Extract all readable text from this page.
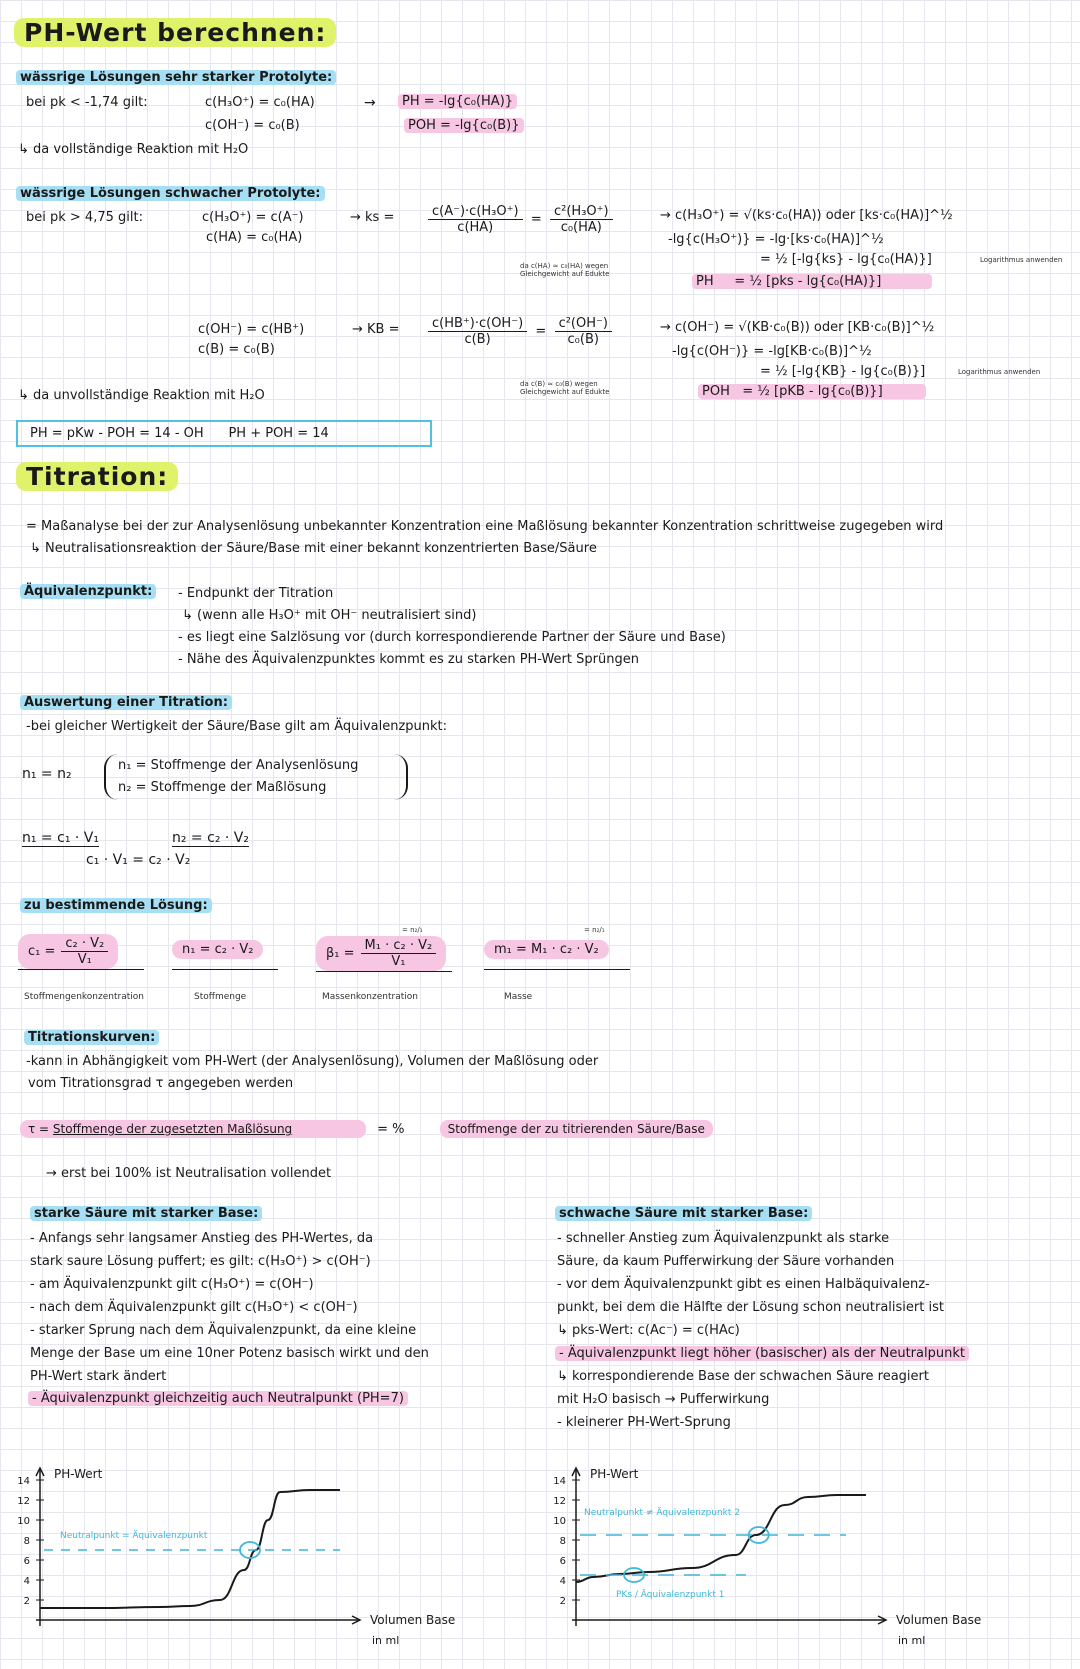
PH-Wert berechnen:
wässrige Lösungen sehr starker Protolyte:
bei pk < -1,74 gilt:	c(H₃O⁺) = c₀(HA)
c(OH⁻) = c₀(B)
→	PH = -lg{c₀(HA)}
POH = -lg{c₀(B)}
↳ da vollständige Reaktion mit H₂O
wässrige Lösungen schwacher Protolyte:
bei pk > 4,75 gilt:	c(H₃O⁺) = c(A⁻)
c(HA) = c₀(HA)
→ ks =	$\frac{\text{c(A⁻)·c(H₃O⁺)}}{c(HA)} = \frac{\text{c²(H₃O⁺)}}{\text{c₀(HA)}}$
da c(HA) ≈ c₀(HA) wegen Gleichgewicht auf Edukte
→ c(H₃O⁺) = √(ks·c₀(HA)) oder [ks·c₀(HA)]^½
-lg{c(H₃O⁺)} = -lg·[ks·c₀(HA)]^½
= ½ [-lg{ks} - lg{c₀(HA)}]	Logarithmus anwenden
PH = ½ [pks - lg{c₀(HA)}]
c(OH⁻) = c(HB⁺)
c(B) = c₀(B)
→ KB = $\frac{c(HB^+)\cdot c(OH^-)}{c(B)} = \frac{\text{c²(OH⁻)}}{\text{c₀(B)}}$
da c(B) ≈ c₀(B) wegen Gleichgewicht auf Edukte
→ c(OH⁻) = √(KB·c₀(B)) oder [KB·c₀(B)]^½
-lg{c(OH⁻)} = -lg[KB·c₀(B)]^½
= ½ [-lg{KB} - lg{c₀(B)}]	Logarithmus anwenden
POH = ½ [pKB - lg{c₀(B)}]
↳ da unvollständige Reaktion mit H₂O
PH = pKw - POH = 14 - OH PH + POH = 14
Titration:
= Maßanalyse bei der zur Analysenlösung unbekannter Konzentration eine Maßlösung bekannter Konzentration schrittweise zugegeben wird
↳ Neutralisationsreaktion der Säure/Base mit einer bekannt konzentrierten Base/Säure
Äquivalenzpunkt:	- Endpunkt der Titration
↳ (wenn alle H₃O⁺ mit OH⁻ neutralisiert sind)
- es liegt eine Salzlösung vor (durch korrespondierende Partner der Säure und Base)
- Nähe des Äquivalenzpunktes kommt es zu starken PH-Wert Sprüngen
Auswertung einer Titration:
-bei gleicher Wertigkeit der Säure/Base gilt am Äquivalenzpunkt:
n₁ = n₂
n₁ = Stoffmenge der Analysenlösung
n₂ = Stoffmenge der Maßlösung
n₁ = c₁ · V₁	n₂ = c₂ · V₂
c₁ · V₁ = c₂ · V₂
zu bestimmende Lösung:
$c_1 = \frac{\text{c₂ · V₂}}{\text{V₁}}$
Stoffmengenkonzentration
n₁ = c₂ · V₂
Stoffmenge
= n₂/₁
$\beta_1 = \frac{\text{M₁ · c₂ · V₂}}{\text{V₁}}$
Massenkonzentration
= n₂/₁
m₁ = M₁ · c₂ · V₂
Masse
Titrationskurven:
-kann in Abhängigkeit vom PH-Wert (der Analysenlösung), Volumen der Maßlösung oder
vom Titrationsgrad τ angegeben werden
τ = Stoffmenge der zugesetzten Maßlösung	= %	Stoffmenge der zu titrierenden Säure/Base
→ erst bei 100% ist Neutralisation vollendet
starke Säure mit starker Base:
- Anfangs sehr langsamer Anstieg des PH-Wertes, da
stark saure Lösung puffert; es gilt: c(H₃O⁺) > c(OH⁻)
- am Äquivalenzpunkt gilt c(H₃O⁺) = c(OH⁻)
- nach dem Äquivalenzpunkt gilt c(H₃O⁺) < c(OH⁻)
- starker Sprung nach dem Äquivalenzpunkt, da eine kleine
Menge der Base um eine 10ner Potenz basisch wirkt und den
PH-Wert stark ändert
- Äquivalenzpunkt gleichzeitig auch Neutralpunkt (PH=7)
schwache Säure mit starker Base:
- schneller Anstieg zum Äquivalenzpunkt als starke
Säure, da kaum Pufferwirkung der Säure vorhanden
- vor dem Äquivalenzpunkt gibt es einen Halbäquivalenz-
punkt, bei dem die Hälfte der Lösung schon neutralisiert ist
↳ pks-Wert: c(Ac⁻) = c(HAc)
- Äquivalenzpunkt liegt höher (basischer) als der Neutralpunkt
↳ korrespondierende Base der schwachen Säure reagiert
mit H₂O basisch → Pufferwirkung
- kleinerer PH-Wert-Sprung
14
12
10
8
6
4
2
PH-Wert
Volumen Base
in ml
Neutralpunkt = Äquivalenzpunkt
14
12
10
8
6
4
2
PH-Wert
Volumen Base
in ml
Neutralpunkt ≠ Äquivalenzpunkt 2
PKs / Äquivalenzpunkt 1
